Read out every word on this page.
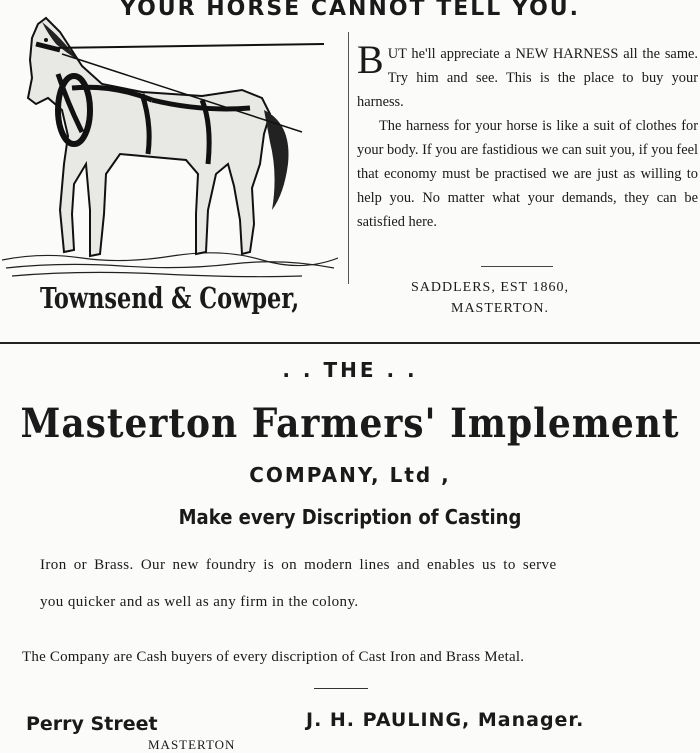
YOUR HORSE CANNOT TELL YOU.

BUT he'll appreciate a NEW HARNESS all the same. Try him and see. This is the place to buy your harness.

The harness for your horse is like a suit of clothes for your body. If you are fastidious we can suit you, if you feel that economy must be practised we are just as willing to help you. No matter what your demands, they can be satisfied here.

Townsend & Cowper,	SADDLERS, EST 1860,
MASTERTON.
. . THE . .
Masterton Farmers' Implement
COMPANY, Ltd ,
Make every Discription of Casting
Iron or Brass. Our new foundry is on modern lines and enables us to serve
you quicker and as well as any firm in the colony.
The Company are Cash buyers of every discription of Cast Iron and Brass Metal.
Perry Street
MASTERTON
J. H. PAULING, Manager.
